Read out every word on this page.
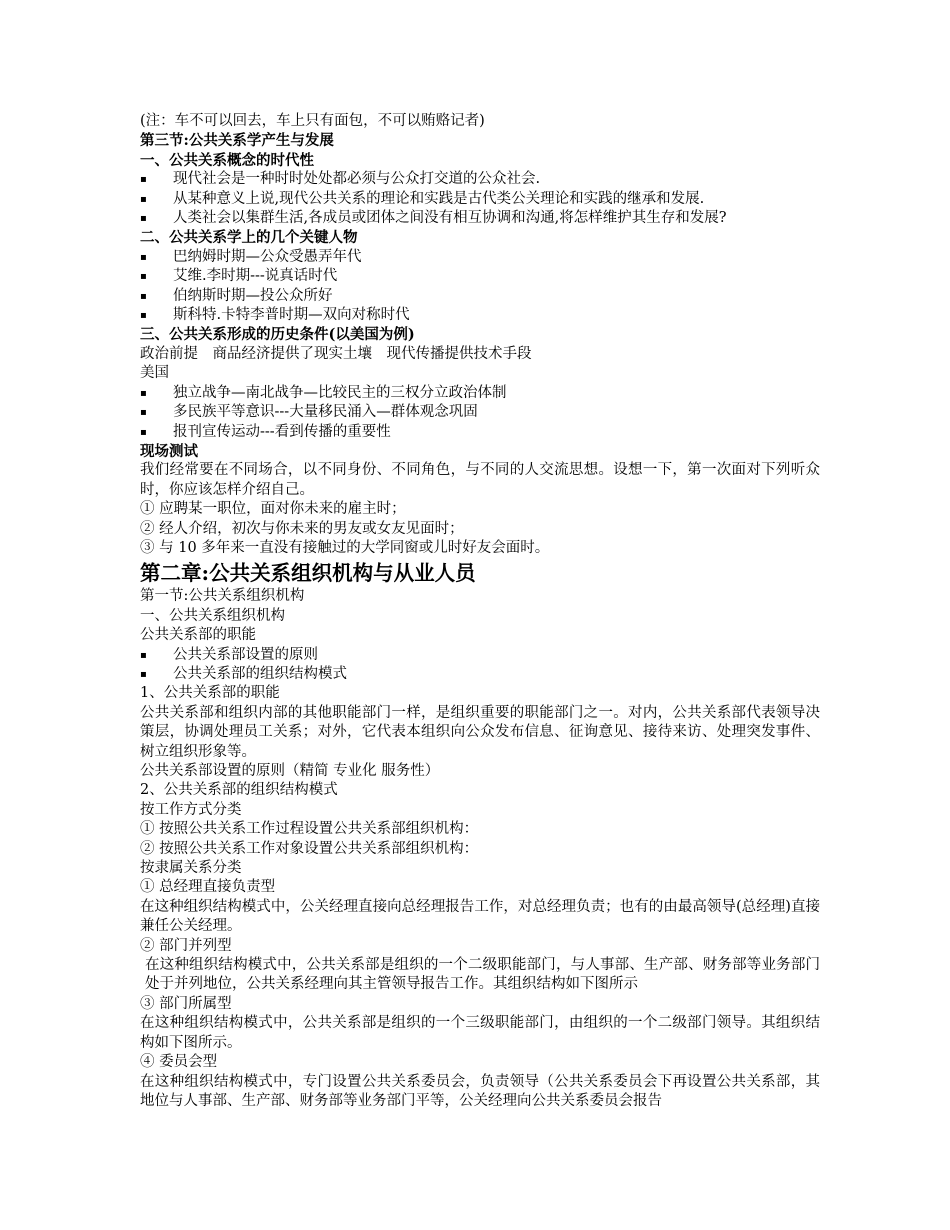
(注：车不可以回去，车上只有面包，不可以贿赂记者)
第三节:公共关系学产生与发展
一、公共关系概念的时代性
▪	现代社会是一种时时处处都必须与公众打交道的公众社会.
▪	从某种意义上说,现代公共关系的理论和实践是古代类公关理论和实践的继承和发展.
▪	人类社会以集群生活,各成员或团体之间没有相互协调和沟通,将怎样维护其生存和发展?
二、公共关系学上的几个关键人物
▪	巴纳姆时期—公众受愚弄年代
▪	艾维.李时期---说真话时代
▪	伯纳斯时期—投公众所好
▪	斯科特.卡特李普时期—双向对称时代
三、公共关系形成的历史条件(以美国为例)
政治前提　商品经济提供了现实土壤　现代传播提供技术手段
美国
▪	独立战争—南北战争—比较民主的三权分立政治体制
▪	多民族平等意识---大量移民涌入—群体观念巩固
▪	报刊宣传运动---看到传播的重要性
现场测试
我们经常要在不同场合，以不同身份、不同角色，与不同的人交流思想。设想一下，第一次面对下列听众时，你应该怎样介绍自己。
① 应聘某一职位，面对你未来的雇主时；
② 经人介绍，初次与你未来的男友或女友见面时；
③ 与 10 多年来一直没有接触过的大学同窗或儿时好友会面时。
第二章:公共关系组织机构与从业人员
第一节:公共关系组织机构
一、公共关系组织机构
公共关系部的职能
▪	公共关系部设置的原则
▪	公共关系部的组织结构模式
1、公共关系部的职能
公共关系部和组织内部的其他职能部门一样，是组织重要的职能部门之一。对内，公共关系部代表领导决策层，协调处理员工关系；对外，它代表本组织向公众发布信息、征询意见、接待来访、处理突发事件、树立组织形象等。
公共关系部设置的原则（精简 专业化 服务性）
2、公共关系部的组织结构模式
按工作方式分类
① 按照公共关系工作过程设置公共关系部组织机构：
② 按照公共关系工作对象设置公共关系部组织机构：
按隶属关系分类
① 总经理直接负责型
在这种组织结构模式中，公关经理直接向总经理报告工作，对总经理负责；也有的由最高领导(总经理)直接兼任公关经理。
② 部门并列型
在这种组织结构模式中，公共关系部是组织的一个二级职能部门，与人事部、生产部、财务部等业务部门处于并列地位，公共关系经理向其主管领导报告工作。其组织结构如下图所示
③ 部门所属型
在这种组织结构模式中，公共关系部是组织的一个三级职能部门，由组织的一个二级部门领导。其组织结构如下图所示。
④ 委员会型
在这种组织结构模式中，专门设置公共关系委员会，负责领导（公共关系委员会下再设置公共关系部，其地位与人事部、生产部、财务部等业务部门平等，公关经理向公共关系委员会报告
